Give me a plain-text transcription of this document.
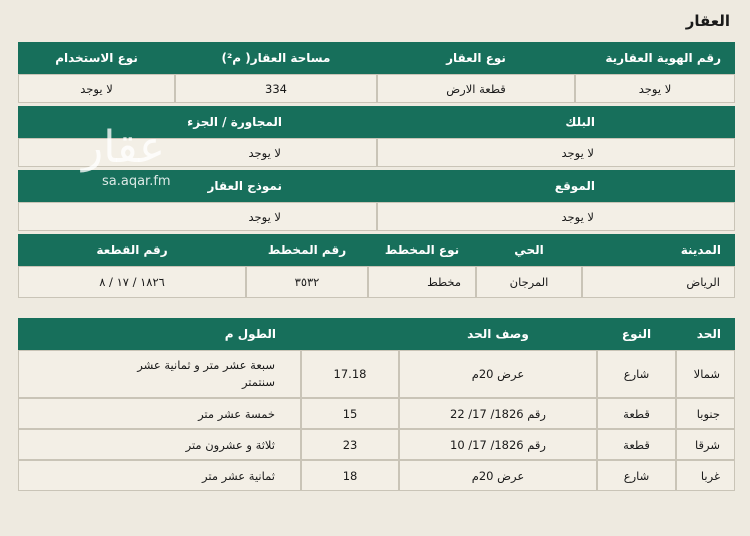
العقار
رقم الهوية العقارية
نوع العقار
مساحة العقار( م²)
نوع الاستخدام
لا يوجد
قطعة الارض
334
لا يوجد
البلك
المجاورة / الجزء
لا يوجد
لا يوجد
الموقع
نموذج العقار
لا يوجد
لا يوجد
المدينة
الحي
نوع المخطط
رقم المخطط
رقم القطعة
الرياض
المرجان
مخطط
٣٥٣٢
١٨٢٦ / ١٧ / ٨
الحد
النوع
وصف الحد
الطول م
شمالا
شارع
عرض 20م
17.18
سبعة عشر متر و ثمانية عشر سنتمتر
جنوبا
قطعة
رقم 1826/ 17/ 22
15
خمسة عشر متر
شرقا
قطعة
رقم 1826/ 17/ 10
23
ثلاثة و عشرون متر
غربا
شارع
عرض 20م
18
ثمانية عشر متر
عقار
sa.aqar.fm
